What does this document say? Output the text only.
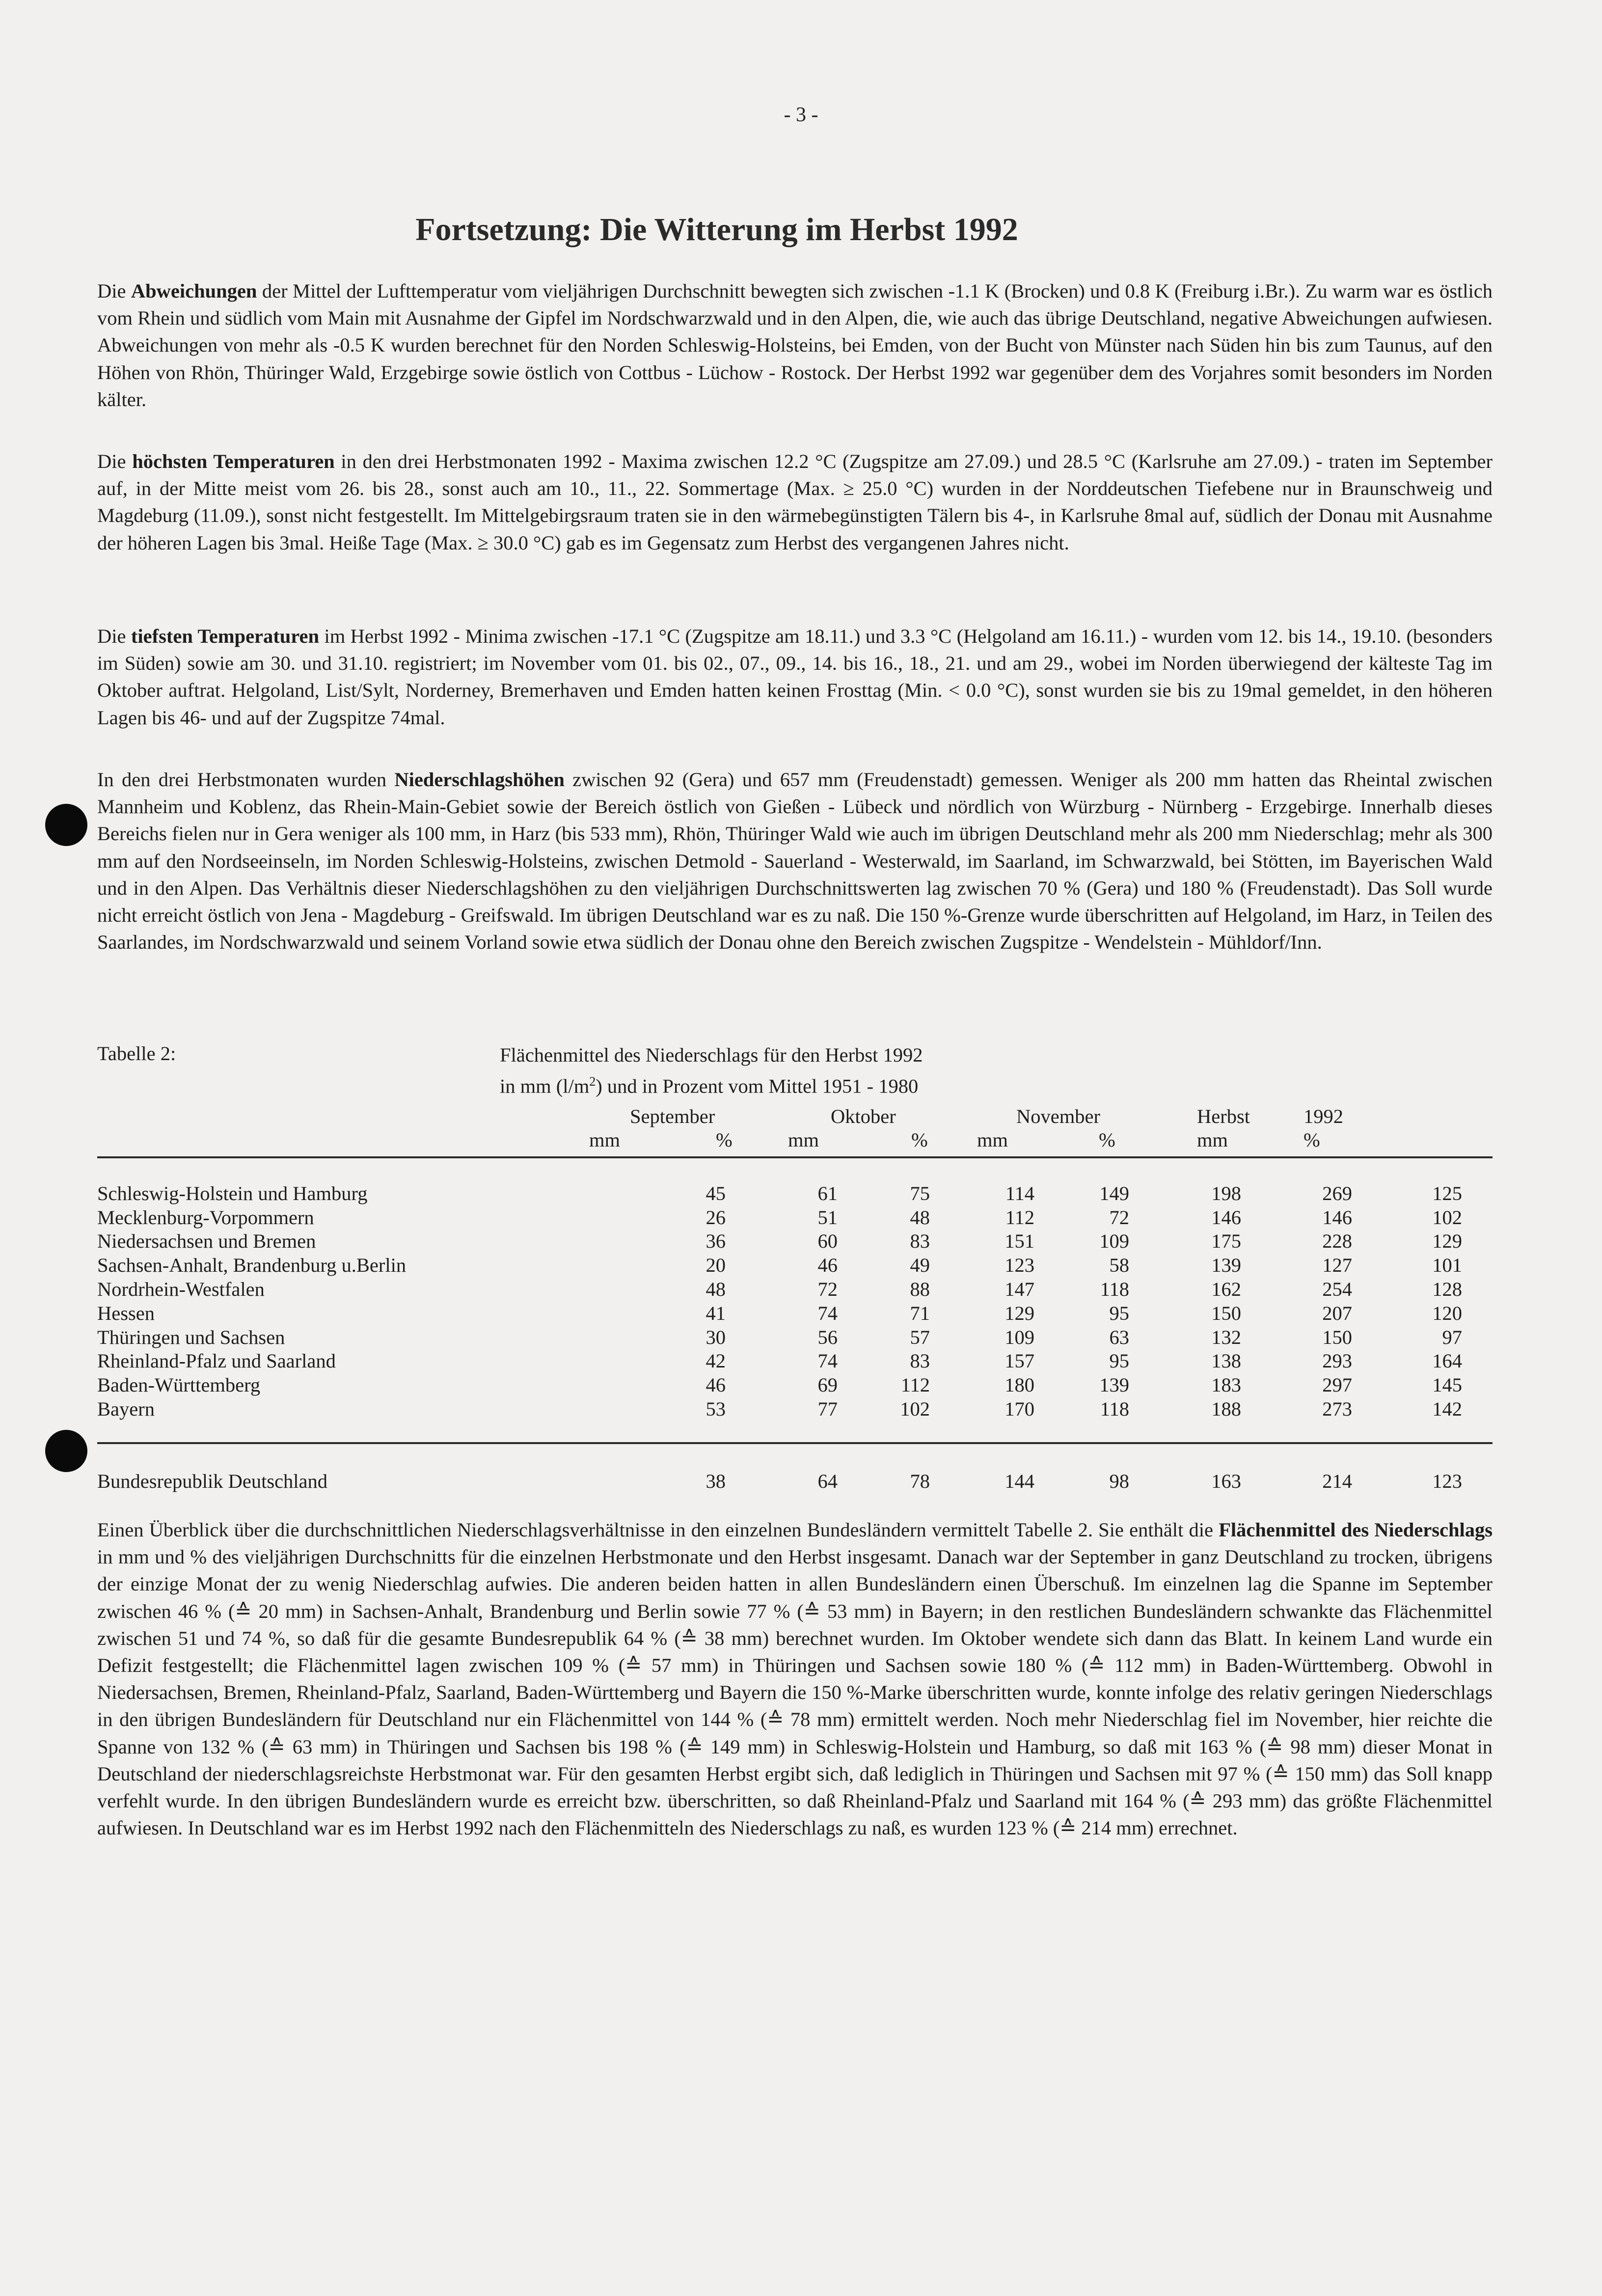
- 3 -
Fortsetzung: Die Witterung im Herbst 1992
Die Abweichungen der Mittel der Lufttemperatur vom vieljährigen Durchschnitt bewegten sich zwischen -1.1 K (Brocken) und 0.8 K (Freiburg i.Br.). Zu warm war es östlich vom Rhein und südlich vom Main mit Ausnahme der Gipfel im Nordschwarzwald und in den Alpen, die, wie auch das übrige Deutschland, negative Abweichungen aufwiesen. Abweichungen von mehr als -0.5 K wurden berechnet für den Norden Schleswig-Holsteins, bei Emden, von der Bucht von Münster nach Süden hin bis zum Taunus, auf den Höhen von Rhön, Thüringer Wald, Erzgebirge sowie östlich von Cottbus - Lüchow - Rostock. Der Herbst 1992 war gegenüber dem des Vorjahres somit besonders im Norden kälter.
Die höchsten Temperaturen in den drei Herbstmonaten 1992 - Maxima zwischen 12.2 °C (Zugspitze am 27.09.) und 28.5 °C (Karlsruhe am 27.09.) - traten im September auf, in der Mitte meist vom 26. bis 28., sonst auch am 10., 11., 22. Sommertage (Max. ≥ 25.0 °C) wurden in der Norddeutschen Tiefebene nur in Braunschweig und Magdeburg (11.09.), sonst nicht festgestellt. Im Mittelgebirgsraum traten sie in den wärmebegünstigten Tälern bis 4-, in Karlsruhe 8mal auf, südlich der Donau mit Ausnahme der höheren Lagen bis 3mal. Heiße Tage (Max. ≥ 30.0 °C) gab es im Gegensatz zum Herbst des vergangenen Jahres nicht.
Die tiefsten Temperaturen im Herbst 1992 - Minima zwischen -17.1 °C (Zugspitze am 18.11.) und 3.3 °C (Helgoland am 16.11.) - wurden vom 12. bis 14., 19.10. (besonders im Süden) sowie am 30. und 31.10. registriert; im November vom 01. bis 02., 07., 09., 14. bis 16., 18., 21. und am 29., wobei im Norden überwiegend der kälteste Tag im Oktober auftrat. Helgoland, List/Sylt, Norderney, Bremerhaven und Emden hatten keinen Frosttag (Min. < 0.0 °C), sonst wurden sie bis zu 19mal gemeldet, in den höheren Lagen bis 46- und auf der Zugspitze 74mal.
In den drei Herbstmonaten wurden Niederschlagshöhen zwischen 92 (Gera) und 657 mm (Freudenstadt) gemessen. Weniger als 200 mm hatten das Rheintal zwischen Mannheim und Koblenz, das Rhein-Main-Gebiet sowie der Bereich östlich von Gießen - Lübeck und nördlich von Würzburg - Nürnberg - Erzgebirge. Innerhalb dieses Bereichs fielen nur in Gera weniger als 100 mm, in Harz (bis 533 mm), Rhön, Thüringer Wald wie auch im übrigen Deutschland mehr als 200 mm Niederschlag; mehr als 300 mm auf den Nordseeinseln, im Norden Schleswig-Holsteins, zwischen Detmold - Sauerland - Westerwald, im Saarland, im Schwarzwald, bei Stötten, im Bayerischen Wald und in den Alpen. Das Verhältnis dieser Niederschlagshöhen zu den vieljährigen Durchschnittswerten lag zwischen 70 % (Gera) und 180 % (Freudenstadt). Das Soll wurde nicht erreicht östlich von Jena - Magdeburg - Greifswald. Im übrigen Deutschland war es zu naß. Die 150 %-Grenze wurde überschritten auf Helgoland, im Harz, in Teilen des Saarlandes, im Nordschwarzwald und seinem Vorland sowie etwa südlich der Donau ohne den Bereich zwischen Zugspitze - Wendelstein - Mühldorf/Inn.
Tabelle 2:	Flächenmittel des Niederschlags für den Herbst 1992
in mm $(l/m^2)$ und in Prozent vom Mittel 1951 - 1980
September	Oktober	November	Herbst	1992
mm	%	mm	% mm	%	mm	%
Schleswig-Holstein und Hamburg	45	61	75	114	149	198	269	125	
Mecklenburg-Vorpommern	26	51	48	112	72	146	146	102	
Niedersachsen und Bremen	36	60	83	151	109	175	228	129	
Sachsen-Anhalt, Brandenburg u.Berlin	20	46	49	123	58	139	127	101	
Nordrhein-Westfalen	48	72	88	147	118	162	254	128	
Hessen	41	74	71	129	95	150	207	120	
Thüringen und Sachsen	30	56	57	109	63	132	150	97	
Rheinland-Pfalz und Saarland	42	74	83	157	95	138	293	164	
Baden-Württemberg	46	69	112	180	139	183	297	145	
Bayern	53	77	102	170	118	188	273	142	
Bundesrepublik Deutschland	38	64	78	144	98	163	214	123	
Einen Überblick über die durchschnittlichen Niederschlagsverhältnisse in den einzelnen Bundesländern vermittelt Tabelle 2. Sie enthält die Flächenmittel des Niederschlags in mm und % des vieljährigen Durchschnitts für die einzelnen Herbstmonate und den Herbst insgesamt. Danach war der September in ganz Deutschland zu trocken, übrigens der einzige Monat der zu wenig Niederschlag aufwies. Die anderen beiden hatten in allen Bundesländern einen Überschuß. Im einzelnen lag die Spanne im September zwischen 46 % (≙ 20 mm) in Sachsen-Anhalt, Brandenburg und Berlin sowie 77 % (≙ 53 mm) in Bayern; in den restlichen Bundesländern schwankte das Flächenmittel zwischen 51 und 74 %, so daß für die gesamte Bundesrepublik 64 % (≙ 38 mm) berechnet wurden. Im Oktober wendete sich dann das Blatt. In keinem Land wurde ein Defizit festgestellt; die Flächenmittel lagen zwischen 109 % (≙ 57 mm) in Thüringen und Sachsen sowie 180 % (≙ 112 mm) in Baden-Württemberg. Obwohl in Niedersachsen, Bremen, Rheinland-Pfalz, Saarland, Baden-Württemberg und Bayern die 150 %-Marke überschritten wurde, konnte infolge des relativ geringen Niederschlags in den übrigen Bundesländern für Deutschland nur ein Flächenmittel von 144 % (≙ 78 mm) ermittelt werden. Noch mehr Niederschlag fiel im November, hier reichte die Spanne von 132 % (≙ 63 mm) in Thüringen und Sachsen bis 198 % (≙ 149 mm) in Schleswig-Holstein und Hamburg, so daß mit 163 % (≙ 98 mm) dieser Monat in Deutschland der niederschlagsreichste Herbstmonat war. Für den gesamten Herbst ergibt sich, daß lediglich in Thüringen und Sachsen mit 97 % (≙ 150 mm) das Soll knapp verfehlt wurde. In den übrigen Bundesländern wurde es erreicht bzw. überschritten, so daß Rheinland-Pfalz und Saarland mit 164 % (≙ 293 mm) das größte Flächenmittel aufwiesen. In Deutschland war es im Herbst 1992 nach den Flächenmitteln des Niederschlags zu naß, es wurden 123 % (≙ 214 mm) errechnet.
